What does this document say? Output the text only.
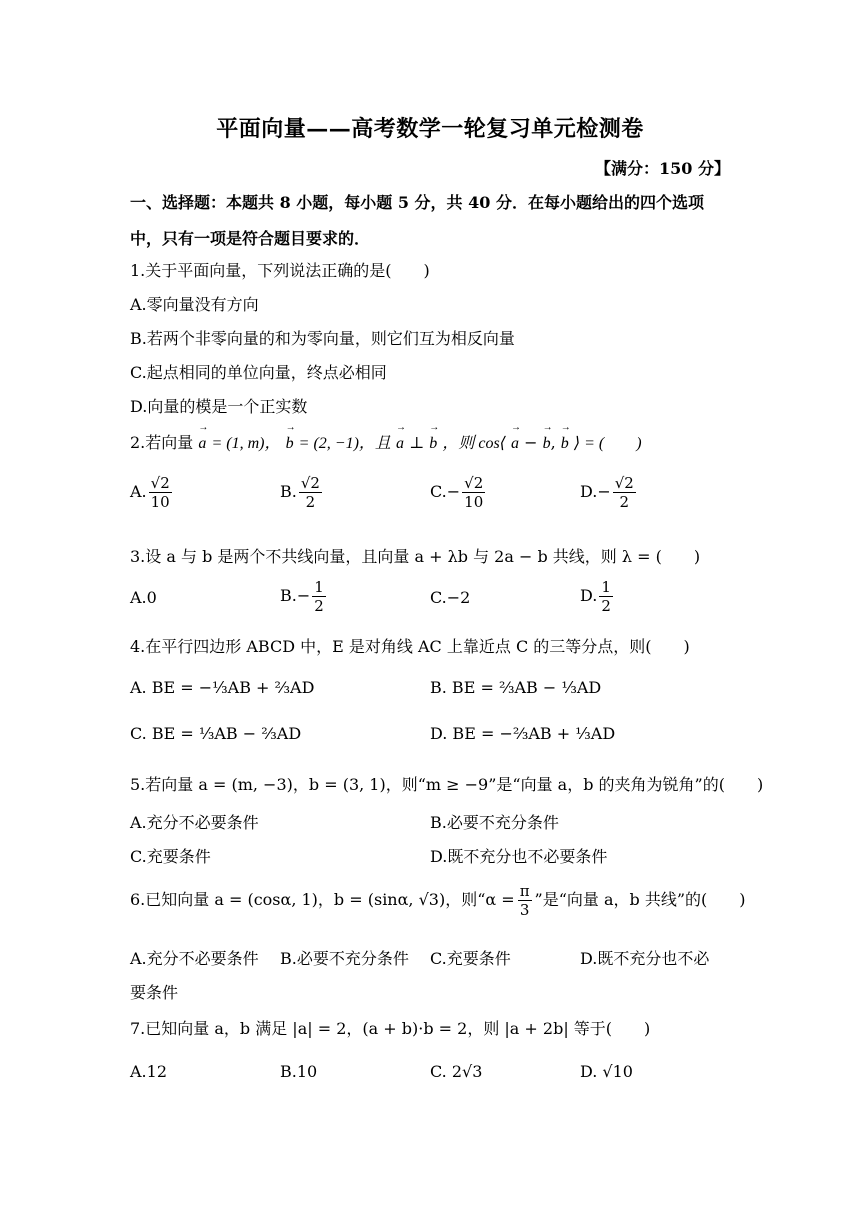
平面向量——高考数学一轮复习单元检测卷
【满分：150 分】
一、选择题：本题共 8 小题，每小题 5 分，共 40 分．在每小题给出的四个选项
中，只有一项是符合题目要求的．
1.关于平面向量，下列说法正确的是(　　)
A.零向量没有方向
B.若两个非零向量的和为零向量，则它们互为相反向量
C.起点相同的单位向量，终点必相同
D.向量的模是一个正实数
2.若向量 → a = (1, m)， → b = (2, −1)，且 → a ⊥ → b ，则 cos⟨ → a − → b, → b ⟩ = (　　)
A. $\frac{√2}{10}$	B. $\frac{√2}{2}$	$C.- \frac{√2}{10}$	$D.- \frac{√2}{2}$
3.设 a 与 b 是两个不共线向量，且向量 a + λb 与 2a − b 共线，则 λ = (　　)
A.0	$B.- \frac{1}{2}$	C.−2	D. $\frac{1}{2}$
4.在平行四边形 ABCD 中，E 是对角线 AC 上靠近点 C 的三等分点，则(　　)
A. BE = −⅓AB + ⅔AD	B. BE = ⅔AB − ⅓AD
C. BE = ⅓AB − ⅔AD	D. BE = −⅔AB + ⅓AD
5.若向量 a = (m, −3)，b = (3, 1)，则“m ≥ −9”是“向量 a，b 的夹角为锐角”的(　　)
A.充分不必要条件	B.必要不充分条件
C.充要条件	D.既不充分也不必要条件
6.已知向量 a = (cosα, 1)，b = (sinα, √3)，则“$\alpha = \frac{\pi}{3}$ ”是“向量 a，b 共线”的(　　)
A.充分不必要条件 B.必要不充分条件 C.充要条件	D.既不充分也不必
要条件
7.已知向量 a，b 满足 |a| = 2，(a + b)·b = 2，则 |a + 2b| 等于(　　)
A.12	B.10	C. 2√3	D. √10
